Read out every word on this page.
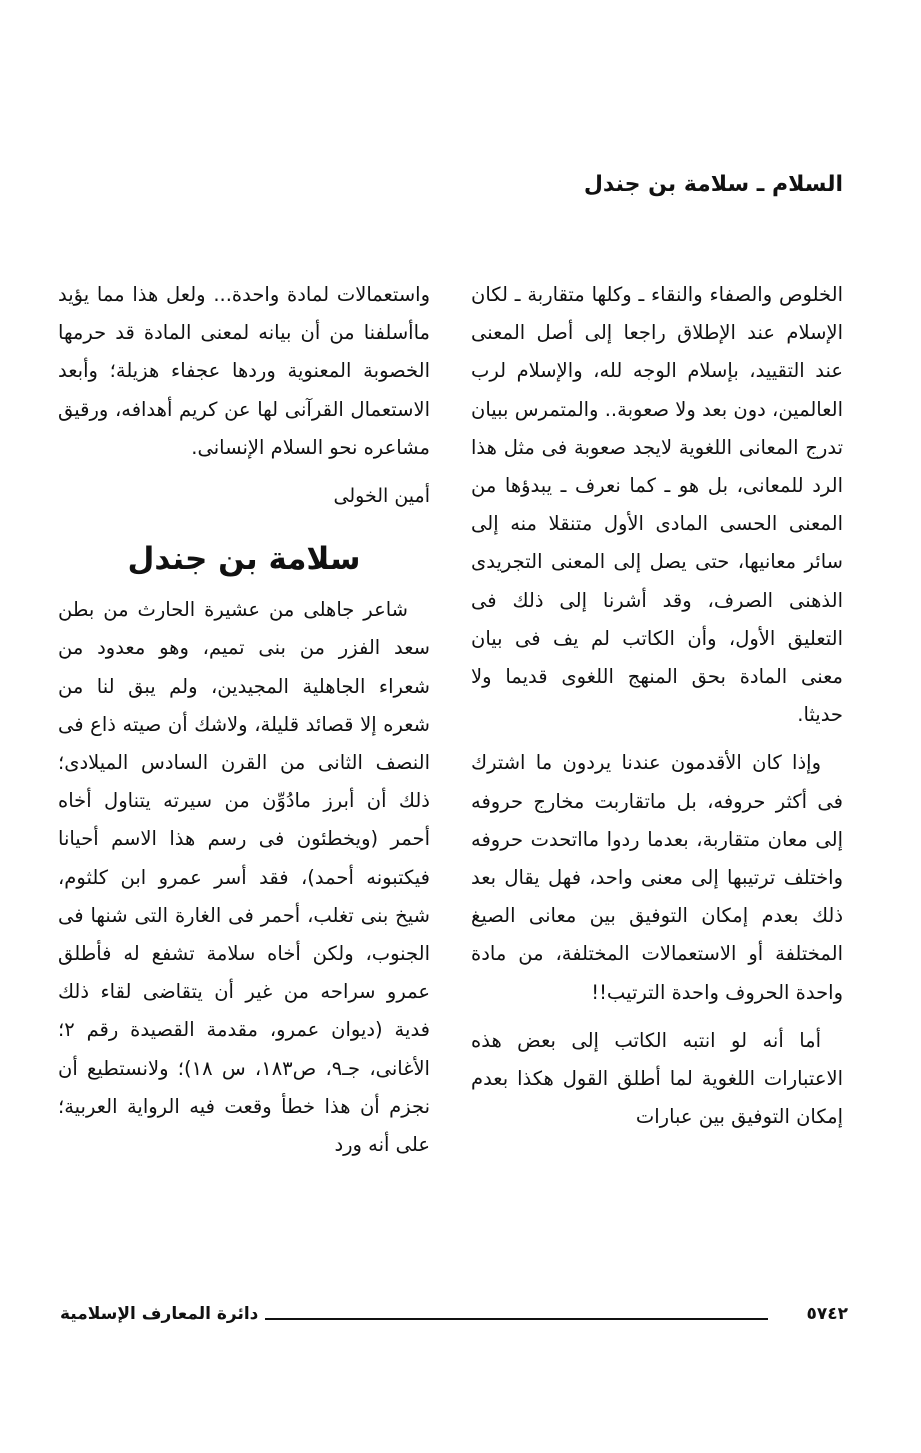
السلام ـ سلامة بن جندل

الخلوص والصفاء والنقاء ـ وكلها متقاربة ـ لكان الإسلام عند الإطلاق راجعا إلى أصل المعنى عند التقييد، بإسلام الوجه لله، والإسلام لرب العالمين، دون بعد ولا صعوبة.. والمتمرس ببيان تدرج المعانى اللغوية لايجد صعوبة فى مثل هذا الرد للمعانى، بل هو ـ كما نعرف ـ يبدؤها من المعنى الحسى المادى الأول متنقلا منه إلى سائر معانيها، حتى يصل إلى المعنى التجريدى الذهنى الصرف، وقد أشرنا إلى ذلك فى التعليق الأول، وأن الكاتب لم يف فى بيان معنى المادة بحق المنهج اللغوى قديما ولا حديثا.

وإذا كان الأقدمون عندنا يردون ما اشترك فى أكثر حروفه، بل ماتقاربت مخارج حروفه إلى معان متقاربة، بعدما ردوا مااتحدت حروفه واختلف ترتيبها إلى معنى واحد، فهل يقال بعد ذلك بعدم إمكان التوفيق بين معانى الصيغ المختلفة أو الاستعمالات المختلفة، من مادة واحدة الحروف واحدة الترتيب!!

أما أنه لو انتبه الكاتب إلى بعض هذه الاعتبارات اللغوية لما أطلق القول هكذا بعدم إمكان التوفيق بين عبارات

واستعمالات لمادة واحدة... ولعل هذا مما يؤيد ماأسلفنا من أن بيانه لمعنى المادة قد حرمها الخصوبة المعنوية وردها عجفاء هزيلة؛ وأبعد الاستعمال القرآنى لها عن كريم أهدافه، ورقيق مشاعره نحو السلام الإنسانى.

أمين الخولى
سلامة بن جندل

شاعر جاهلى من عشيرة الحارث من بطن سعد الفزر من بنى تميم، وهو معدود من شعراء الجاهلية المجيدين، ولم يبق لنا من شعره إلا قصائد قليلة، ولاشك أن صيته ذاع فى النصف الثانى من القرن السادس الميلادى؛ ذلك أن أبرز مادُوِّن من سيرته يتناول أخاه أحمر (ويخطئون فى رسم هذا الاسم أحيانا فيكتبونه أحمد)، فقد أسر عمرو ابن كلثوم، شيخ بنى تغلب، أحمر فى الغارة التى شنها فى الجنوب، ولكن أخاه سلامة تشفع له فأطلق عمرو سراحه من غير أن يتقاضى لقاء ذلك فدية (ديوان عمرو، مقدمة القصيدة رقم ٢؛ الأغانى، جـ٩، ص١٨٣، س ١٨)؛ ولانستطيع أن نجزم أن هذا خطأ وقعت فيه الرواية العربية؛ على أنه ورد

دائرة المعارف الإسلامية	٥٧٤٢
